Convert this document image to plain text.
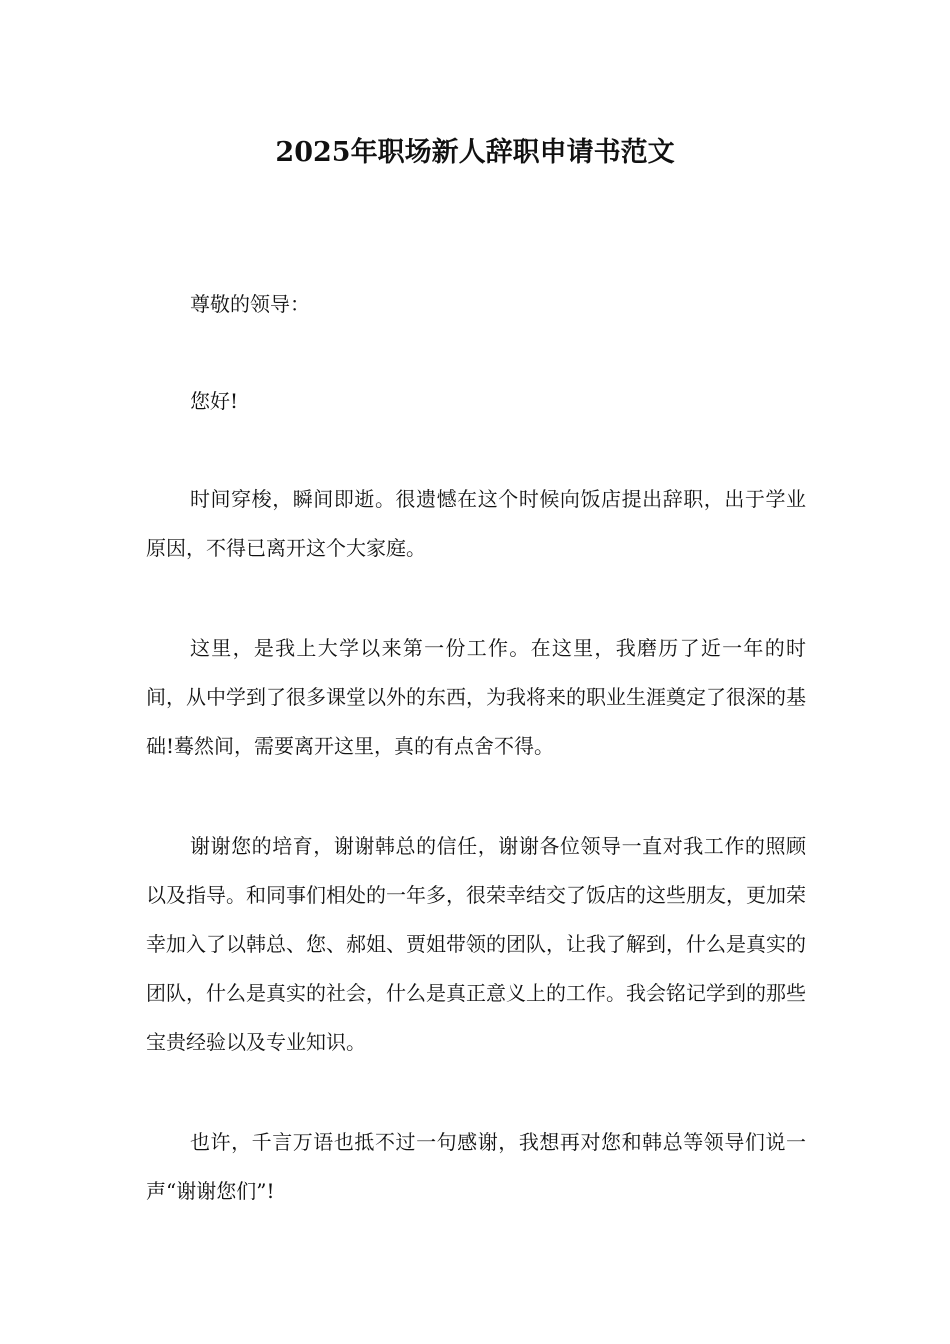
2025年职场新人辞职申请书范文

尊敬的领导：

您好!

时间穿梭，瞬间即逝。很遗憾在这个时候向饭店提出辞职，出于学业原因，不得已离开这个大家庭。

这里，是我上大学以来第一份工作。在这里，我磨历了近一年的时间，从中学到了很多课堂以外的东西，为我将来的职业生涯奠定了很深的基础!蓦然间，需要离开这里，真的有点舍不得。

谢谢您的培育，谢谢韩总的信任，谢谢各位领导一直对我工作的照顾以及指导。和同事们相处的一年多，很荣幸结交了饭店的这些朋友，更加荣幸加入了以韩总、您、郝姐、贾姐带领的团队，让我了解到，什么是真实的团队，什么是真实的社会，什么是真正意义上的工作。我会铭记学到的那些宝贵经验以及专业知识。

也许，千言万语也抵不过一句感谢，我想再对您和韩总等领导们说一声“谢谢您们”!
